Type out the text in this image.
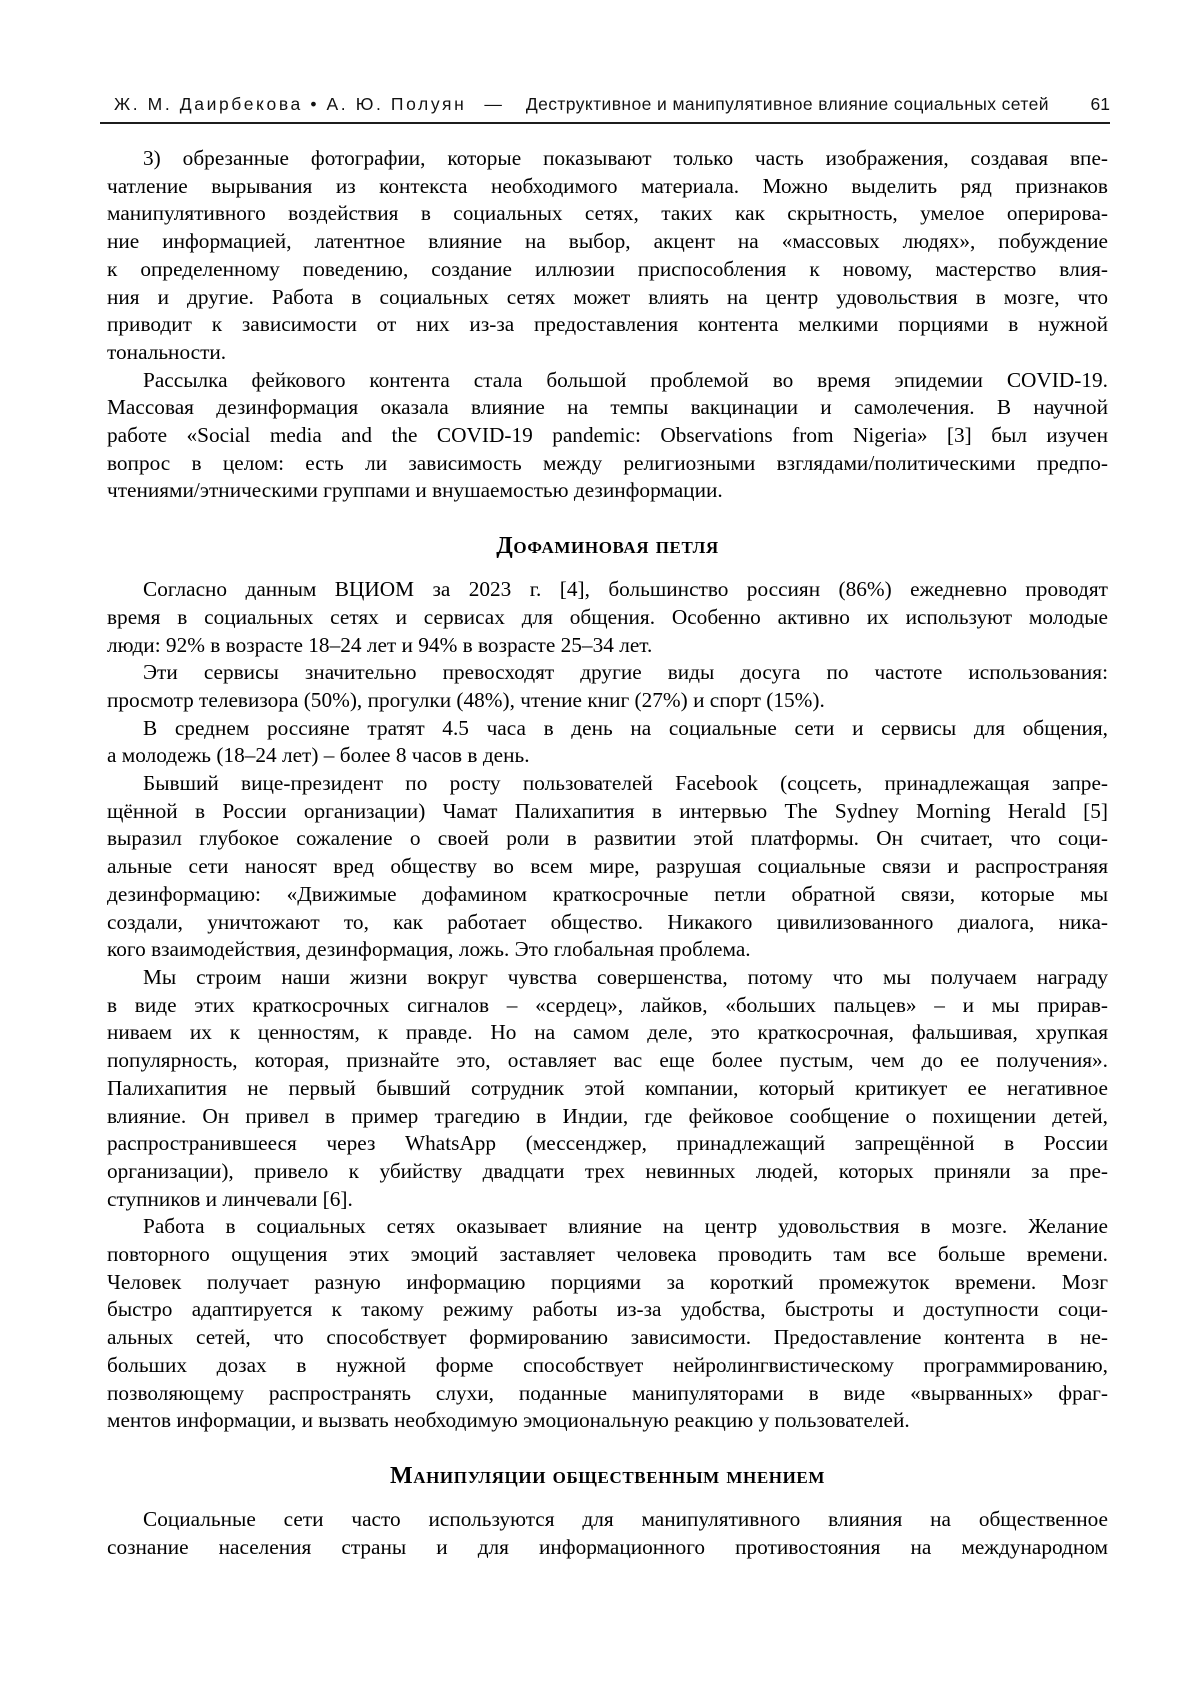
Ж. М. Даирбекова • А. Ю. Полуян — Деструктивное и манипулятивное влияние социальных сетей	61
3) обрезанные фотографии, которые показывают только часть изображения, создавая впе-
чатление вырывания из контекста необходимого материала. Можно выделить ряд признаков
манипулятивного воздействия в социальных сетях, таких как скрытность, умелое оперирова-
ние информацией, латентное влияние на выбор, акцент на «массовых людях», побуждение
к определенному поведению, создание иллюзии приспособления к новому, мастерство влия-
ния и другие. Работа в социальных сетях может влиять на центр удовольствия в мозге, что
приводит к зависимости от них из-за предоставления контента мелкими порциями в нужной
тональности.
Рассылка фейкового контента стала большой проблемой во время эпидемии COVID-19.
Массовая дезинформация оказала влияние на темпы вакцинации и самолечения. В научной
работе «Social media and the COVID-19 pandemic: Observations from Nigeria» [3] был изучен
вопрос в целом: есть ли зависимость между религиозными взглядами/политическими предпо-
чтениями/этническими группами и внушаемостью дезинформации.
Дофаминовая петля
Согласно данным ВЦИОМ за 2023 г. [4], большинство россиян (86%) ежедневно проводят
время в социальных сетях и сервисах для общения. Особенно активно их используют молодые
люди: 92% в возрасте 18–24 лет и 94% в возрасте 25–34 лет.
Эти сервисы значительно превосходят другие виды досуга по частоте использования:
просмотр телевизора (50%), прогулки (48%), чтение книг (27%) и спорт (15%).
В среднем россияне тратят 4.5 часа в день на социальные сети и сервисы для общения,
а молодежь (18–24 лет) – более 8 часов в день.
Бывший вице-президент по росту пользователей Facebook (соцсеть, принадлежащая запре-
щённой в России организации) Чамат Палихапития в интервью The Sydney Morning Herald [5]
выразил глубокое сожаление о своей роли в развитии этой платформы. Он считает, что соци-
альные сети наносят вред обществу во всем мире, разрушая социальные связи и распространяя
дезинформацию: «Движимые дофамином краткосрочные петли обратной связи, которые мы
создали, уничтожают то, как работает общество. Никакого цивилизованного диалога, ника-
кого взаимодействия, дезинформация, ложь. Это глобальная проблема.
Мы строим наши жизни вокруг чувства совершенства, потому что мы получаем награду
в виде этих краткосрочных сигналов – «сердец», лайков, «больших пальцев» – и мы прирав-
ниваем их к ценностям, к правде. Но на самом деле, это краткосрочная, фальшивая, хрупкая
популярность, которая, признайте это, оставляет вас еще более пустым, чем до ее получения».
Палихапития не первый бывший сотрудник этой компании, который критикует ее негативное
влияние. Он привел в пример трагедию в Индии, где фейковое сообщение о похищении детей,
распространившееся через WhatsApp (мессенджер, принадлежащий запрещённой в России
организации), привело к убийству двадцати трех невинных людей, которых приняли за пре-
ступников и линчевали [6].
Работа в социальных сетях оказывает влияние на центр удовольствия в мозге. Желание
повторного ощущения этих эмоций заставляет человека проводить там все больше времени.
Человек получает разную информацию порциями за короткий промежуток времени. Мозг
быстро адаптируется к такому режиму работы из-за удобства, быстроты и доступности соци-
альных сетей, что способствует формированию зависимости. Предоставление контента в не-
больших дозах в нужной форме способствует нейролингвистическому программированию,
позволяющему распространять слухи, поданные манипуляторами в виде «вырванных» фраг-
ментов информации, и вызвать необходимую эмоциональную реакцию у пользователей.
Манипуляции общественным мнением
Социальные сети часто используются для манипулятивного влияния на общественное
сознание населения страны и для информационного противостояния на международном
